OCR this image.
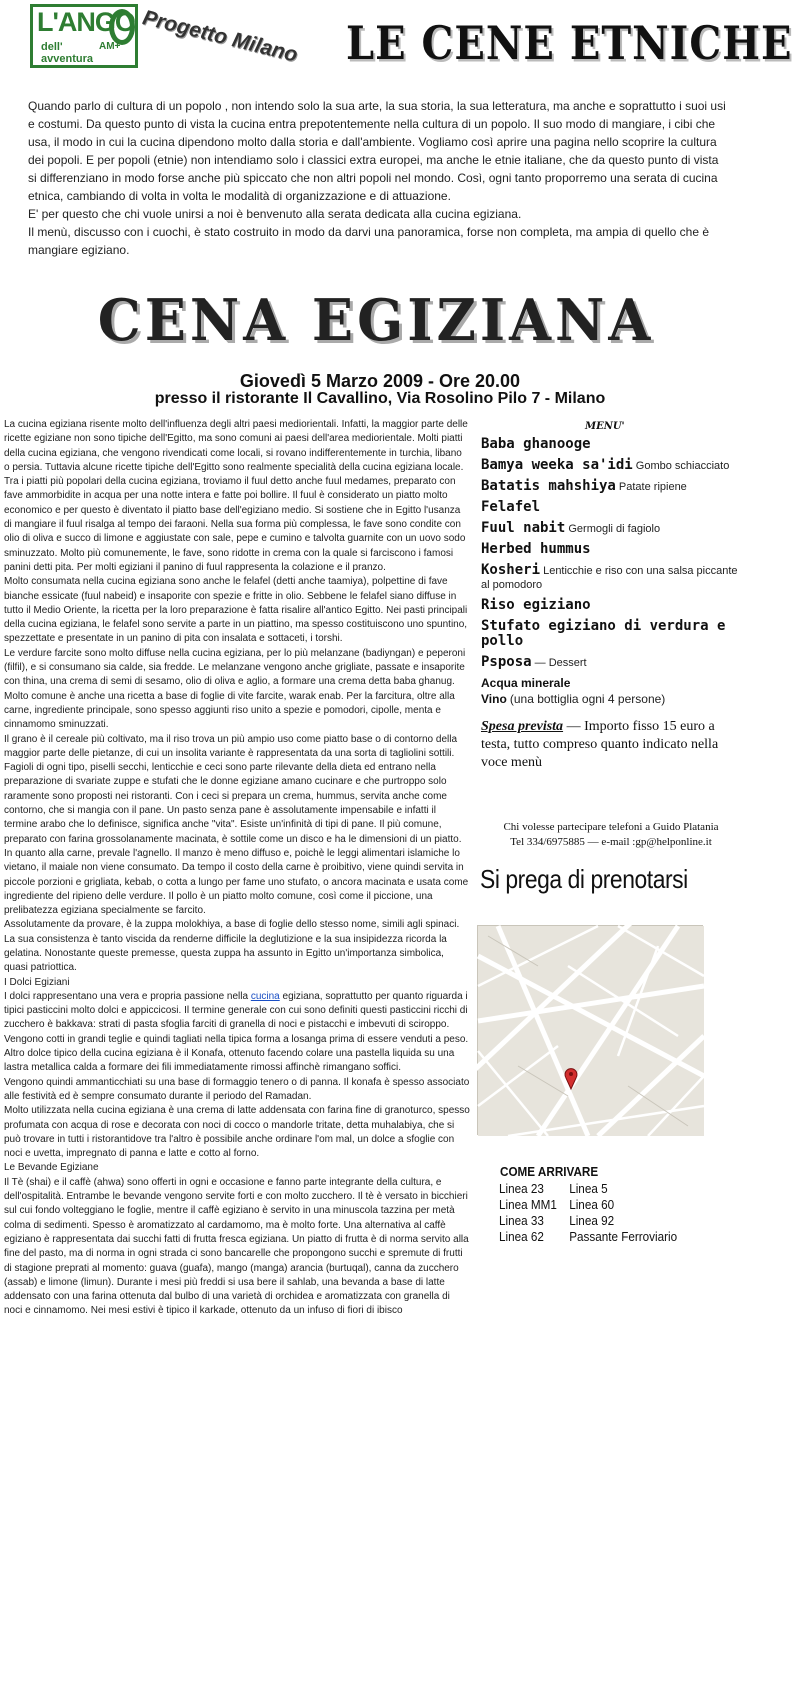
L'ANGO
dell'
avventura
AM+ Progetto Milano LE CENE ETNICHE

Quando parlo di cultura di un popolo , non intendo solo la sua arte, la sua storia, la sua letteratura, ma anche e soprattutto i suoi usi e costumi. Da questo punto di vista la cucina entra prepotentemente nella cultura di un popolo. Il suo modo di mangiare, i cibi che usa, il modo in cui la cucina dipendono molto dalla storia e dall'ambiente. Vogliamo così aprire una pagina nello scoprire la cultura dei popoli. E per popoli (etnie) non intendiamo solo i classici extra europei, ma anche le etnie italiane, che da questo punto di vista si differenziano in modo forse anche più spiccato che non altri popoli nel mondo. Così, ogni tanto proporremo una serata di cucina etnica, cambiando di volta in volta le modalità di organizzazione e di attuazione.

E' per questo che chi vuole unirsi a noi è benvenuto alla serata dedicata alla cucina egiziana.

Il menù, discusso con i cuochi, è stato costruito in modo da darvi una panoramica, forse non completa, ma ampia di quello che è mangiare egiziano.

CENA EGIZIANA
Giovedì 5 Marzo 2009 - Ore 20.00
presso il ristorante Il Cavallino, Via Rosolino Pilo 7 - Milano

La cucina egiziana risente molto dell'influenza degli altri paesi mediorientali. Infatti, la maggior parte delle ricette egiziane non sono tipiche dell'Egitto, ma sono comuni ai paesi dell'area mediorientale. Molti piatti della cucina egiziana, che vengono rivendicati come locali, si rovano indifferentemente in turchia, libano o persia. Tuttavia alcune ricette tipiche dell'Egitto sono realmente specialità della cucina egiziana locale.

Tra i piatti più popolari della cucina egiziana, troviamo il fuul detto anche fuul medames, preparato con fave ammorbidite in acqua per una notte intera e fatte poi bollire. Il fuul è considerato un piatto molto economico e per questo è diventato il piatto base dell'egiziano medio. Si sostiene che in Egitto l'usanza di mangiare il fuul risalga al tempo dei faraoni. Nella sua forma più complessa, le fave sono condite con olio di oliva e succo di limone e aggiustate con sale, pepe e cumino e talvolta guarnite con un uovo sodo sminuzzato. Molto più comunemente, le fave, sono ridotte in crema con la quale si farciscono i famosi panini detti pita. Per molti egiziani il panino di fuul rappresenta la colazione e il pranzo.

Molto consumata nella cucina egiziana sono anche le felafel (detti anche taamiya), polpettine di fave bianche essicate (fuul nabeid) e insaporite con spezie e fritte in olio. Sebbene le felafel siano diffuse in tutto il Medio Oriente, la ricetta per la loro preparazione è fatta risalire all'antico Egitto. Nei pasti principali della cucina egiziana, le felafel sono servite a parte in un piattino, ma spesso costituiscono uno spuntino, spezzettate e presentate in un panino di pita con insalata e sottaceti, i torshi.

Le verdure farcite sono molto diffuse nella cucina egiziana, per lo più melanzane (badiyngan) e peperoni (filfil), e si consumano sia calde, sia fredde. Le melanzane vengono anche grigliate, passate e insaporite con thina, una crema di semi di sesamo, olio di oliva e aglio, a formare una crema detta baba ghanug. Molto comune è anche una ricetta a base di foglie di vite farcite, warak enab. Per la farcitura, oltre alla carne, ingrediente principale, sono spesso aggiunti riso unito a spezie e pomodori, cipolle, menta e cinnamomo sminuzzati.

Il grano è il cereale più coltivato, ma il riso trova un più ampio uso come piatto base o di contorno della maggior parte delle pietanze, di cui un insolita variante è rappresentata da una sorta di tagliolini sottili. Fagioli di ogni tipo, piselli secchi, lenticchie e ceci sono parte rilevante della dieta ed entrano nella preparazione di svariate zuppe e stufati che le donne egiziane amano cucinare e che purtroppo solo raramente sono proposti nei ristoranti. Con i ceci si prepara un crema, hummus, servita anche come contorno, che si mangia con il pane. Un pasto senza pane è assolutamente impensabile e infatti il termine arabo che lo definisce, significa anche "vita". Esiste un'infinità di tipi di pane. Il più comune, preparato con farina grossolanamente macinata, è sottile come un disco e ha le dimensioni di un piatto.

In quanto alla carne, prevale l'agnello. Il manzo è meno diffuso e, poichè le leggi alimentari islamiche lo vietano, il maiale non viene consumato. Da tempo il costo della carne è proibitivo, viene quindi servita in piccole porzioni e grigliata, kebab, o cotta a lungo per fame uno stufato, o ancora macinata e usata come ingrediente del ripieno delle verdure. Il pollo è un piatto molto comune, così come il piccione, una prelibatezza egiziana specialmente se farcito.

Assolutamente da provare, è la zuppa molokhiya, a base di foglie dello stesso nome, simili agli spinaci. La sua consistenza è tanto viscida da renderne difficile la deglutizione e la sua insipidezza ricorda la gelatina. Nonostante queste premesse, questa zuppa ha assunto in Egitto un'importanza simbolica, quasi patriottica.

I Dolci Egiziani

I dolci rappresentano una vera e propria passione nella cucina egiziana, soprattutto per quanto riguarda i tipici pasticcini molto dolci e appiccicosi. Il termine generale con cui sono definiti questi pasticcini ricchi di zucchero è bakkava: strati di pasta sfoglia farciti di granella di noci e pistacchi e imbevuti di sciroppo. Vengono cotti in grandi teglie e quindi tagliati nella tipica forma a losanga prima di essere venduti a peso. Altro dolce tipico della cucina egiziana è il Konafa, ottenuto facendo colare una pastella liquida su una lastra metallica calda a formare dei fili immediatamente rimossi affinchè rimangano soffici.

Vengono quindi ammanticchiati su una base di formaggio tenero o di panna. Il konafa è spesso associato alle festività ed è sempre consumato durante il periodo del Ramadan.

Molto utilizzata nella cucina egiziana è una crema di latte addensata con farina fine di granoturco, spesso profumata con acqua di rose e decorata con noci di cocco o mandorle tritate, detta muhalabiya, che si può trovare in tutti i ristorantidove tra l'altro è possibile anche ordinare l'om mal, un dolce a sfoglie con noci e uvetta, impregnato di panna e latte e cotto al forno.

Le Bevande Egiziane

Il Tè (shai) e il caffè (ahwa) sono offerti in ogni e occasione e fanno parte integrante della cultura, e dell'ospitalità. Entrambe le bevande vengono servite forti e con molto zucchero. Il tè è versato in bicchieri sul cui fondo volteggiano le foglie, mentre il caffè egiziano è servito in una minuscola tazzina per metà colma di sedimenti. Spesso è aromatizzato al cardamomo, ma è molto forte. Una alternativa al caffè egiziano è rappresentata dai succhi fatti di frutta fresca egiziana. Un piatto di frutta è di norma servito alla fine del pasto, ma di norma in ogni strada ci sono bancarelle che propongono succhi e spremute di frutti di stagione preprati al momento: guava (guafa), mango (manga) arancia (burtuqal), canna da zucchero (assab) e limone (limun). Durante i mesi più freddi si usa bere il sahlab, una bevanda a base di latte addensato con una farina ottenuta dal bulbo di una varietà di orchidea e aromatizzata con granella di noci e cinnamomo. Nei mesi estivi è tipico il karkade, ottenuto da un infuso di fiori di ibisco

MENU'
Baba ghanooge
Bamya weeka sa'idi Gombo schiacciato
Batatis mahshiya Patate ripiene
Felafel
Fuul nabit Germogli di fagiolo
Herbed hummus
Kosheri Lenticchie e riso con una salsa piccante al pomodoro
Riso egiziano
Stufato egiziano di verdura e pollo
Psposa — Dessert
Acqua minerale
Vino (una bottiglia ogni 4 persone)
Spesa prevista — Importo fisso 15 euro a testa, tutto compreso quanto indicato nella voce menù
Chi volesse partecipare telefoni a Guido Platania
Tel 334/6975885 — e-mail :gp@helponline.it
Si prega di prenotarsi
COME ARRIVARE
Linea 23	Linea 5
Linea MM1 Linea 60
Linea 33	Linea 92
Linea 62	Passante Ferroviario
